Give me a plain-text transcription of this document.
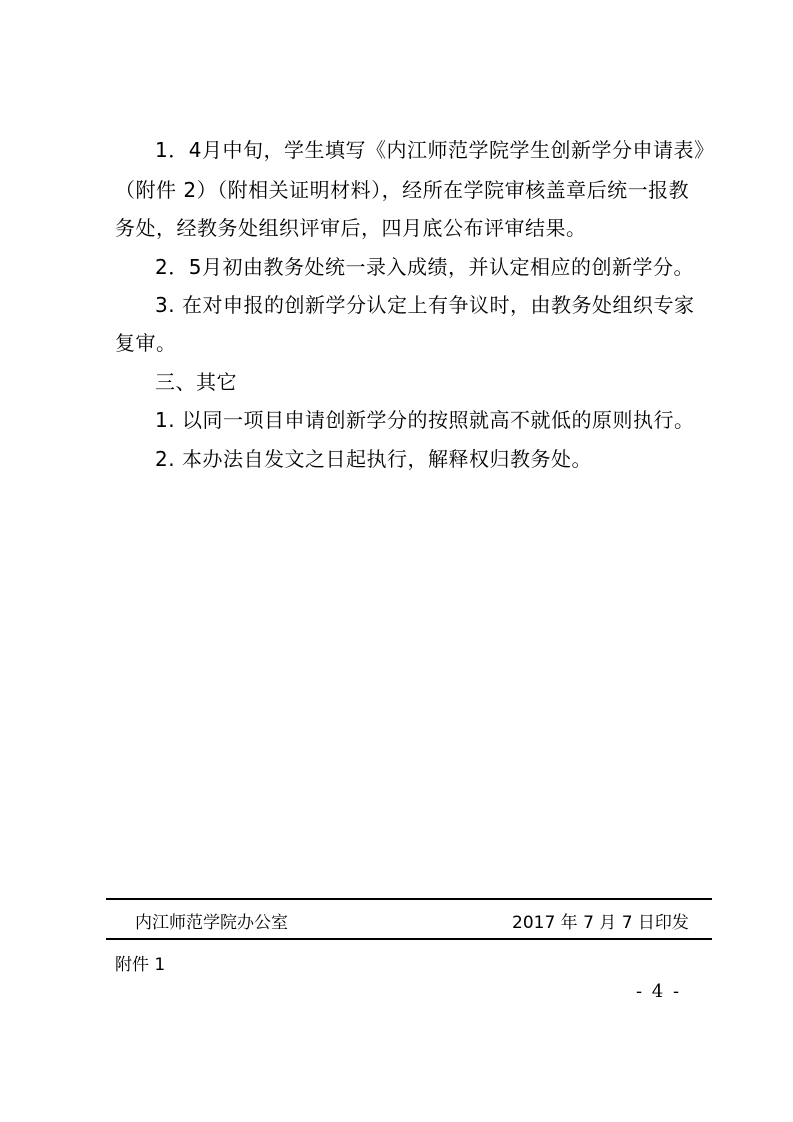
1．4月中旬，学生填写《内江师范学院学生创新学分申请表》
（附件 2）（附相关证明材料），经所在学院审核盖章后统一报教
务处，经教务处组织评审后，四月底公布评审结果。
2．5月初由教务处统一录入成绩，并认定相应的创新学分。
3. 在对申报的创新学分认定上有争议时，由教务处组织专家
复审。
三、其它
1. 以同一项目申请创新学分的按照就高不就低的原则执行。
2. 本办法自发文之日起执行，解释权归教务处。
内江师范学院办公室	2017 年 7 月 7 日印发
附件 1
- 4 -
